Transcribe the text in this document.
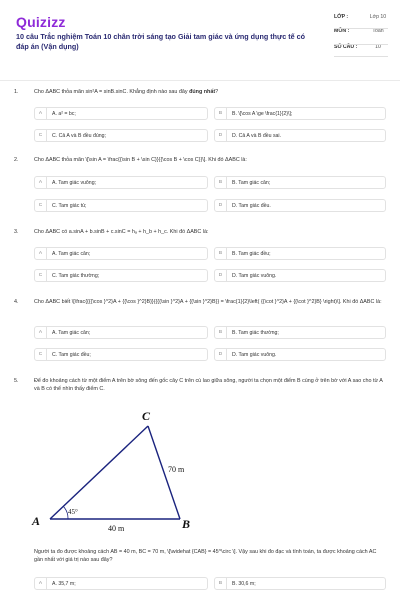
Quizizz
10 câu Trắc nghiệm Toán 10 chân trời sáng tạo Giải tam giác và ứng dụng thực tế có đáp án (Vận dụng)
LỚP :	Lớp 10
MÔN :	Toán
SỐ CÂU :	10
1.	Cho ΔABC thỏa mãn sin²A = sinB.sinC. Khẳng định nào sau đây đúng nhất?
A	A. a² = bc;	B	B. \[\cos A \ge \frac{1}{2}\];
C	C. Cả A và B đều đúng;	D	D. Cả A và B đều sai.
2.	Cho ΔABC thỏa mãn \[\sin A = \frac{{\sin B + \sin C}}{{\cos B + \cos C}}\]. Khi đó ΔABC là:
A	A. Tam giác vuông;	B	B. Tam giác cân;
C	C. Tam giác tù;	D	D. Tam giác đều.
3.	Cho ΔABC có a.sinA + b.sinB + c.sinC = hₐ + h_b + h_c. Khi đó ΔABC là:
A	A. Tam giác cân;	B	B. Tam giác đều;
C	C. Tam giác thường;	D	D. Tam giác vuông.
4.	Cho ΔABC biết \[\frac{{{{\cos }^2}A + {{\cos }^2}B}}{{{{\sin }^2}A + {{\sin }^2}B}} = \frac{1}{2}\left( {{\cot }^2}A + {{\cot }^2}B} \right)\]. Khi đó ΔABC là:
A	A. Tam giác cân;	B	B. Tam giác thường;
C	C. Tam giác đều;	D	D. Tam giác vuông.
5.	Để đo khoảng cách từ một điểm A trên bờ sông đến gốc cây C trên cù lao giữa sông, người ta chọn một điểm B cùng ở trên bờ với A sao cho từ A và B có thể nhìn thấy điểm C.
A	B
C
40 m
70 m
45°
Người ta đo được khoảng cách AB = 40 m, BC = 70 m, \[\widehat {CAB} = 45^\circ \]. Vậy sau khi đo đạc và tính toán, ta được khoảng cách AC gần nhất với giá trị nào sau đây?
A	A. 35,7 m;	B	B. 30,6 m;
